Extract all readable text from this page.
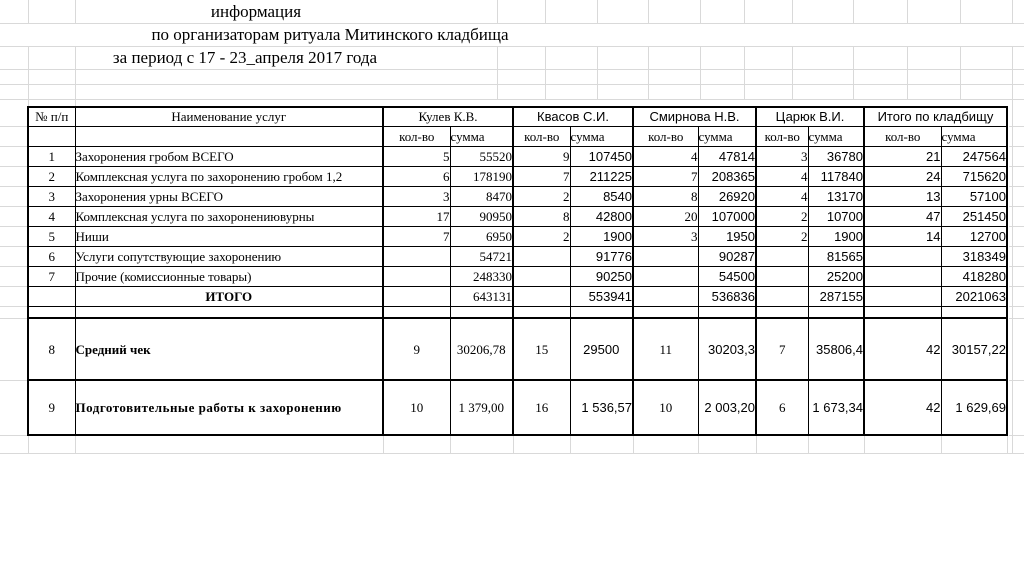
информация
по организаторам ритуала Митинского кладбища
за период с 17 - 23_апреля 2017 года
№ п/п	Наименование услуг	Кулев К.В.		Квасов С.И.		Смирнова Н.В.		Царюк В.И.		Итого по кладбищу	
		кол-во	сумма	кол-во	сумма	кол-во	сумма	кол-во	сумма	кол-во	сумма
1	Захоронения гробом ВСЕГО	5	55520	9	107450	4	47814	3	36780	21	247564
2	Комплексная услуга по захоронению гробом 1,2	6	178190	7	211225	7	208365	4	117840	24	715620
3	Захоронения урны ВСЕГО	3	8470	2	8540	8	26920	4	13170	13	57100
4	Комплексная услуга по захоронениювурны	17	90950	8	42800	20	107000	2	10700	47	251450
5	Ниши	7	6950	2	1900	3	1950	2	1900	14	12700
6	Услуги сопутствующие захоронению		54721		91776		90287		81565		318349
7	Прочие (комиссионные товары)		248330		90250		54500		25200		418280
	ИТОГО		643131		553941		536836		287155		2021063

8	Средний чек	9	30206,78	15	29500	11	30203,3	7	35806,4	42	30157,22
9	Подготовительные работы к захоронению	10	1 379,00	16	1 536,57	10	2 003,20	6	1 673,34	42	1 629,69
